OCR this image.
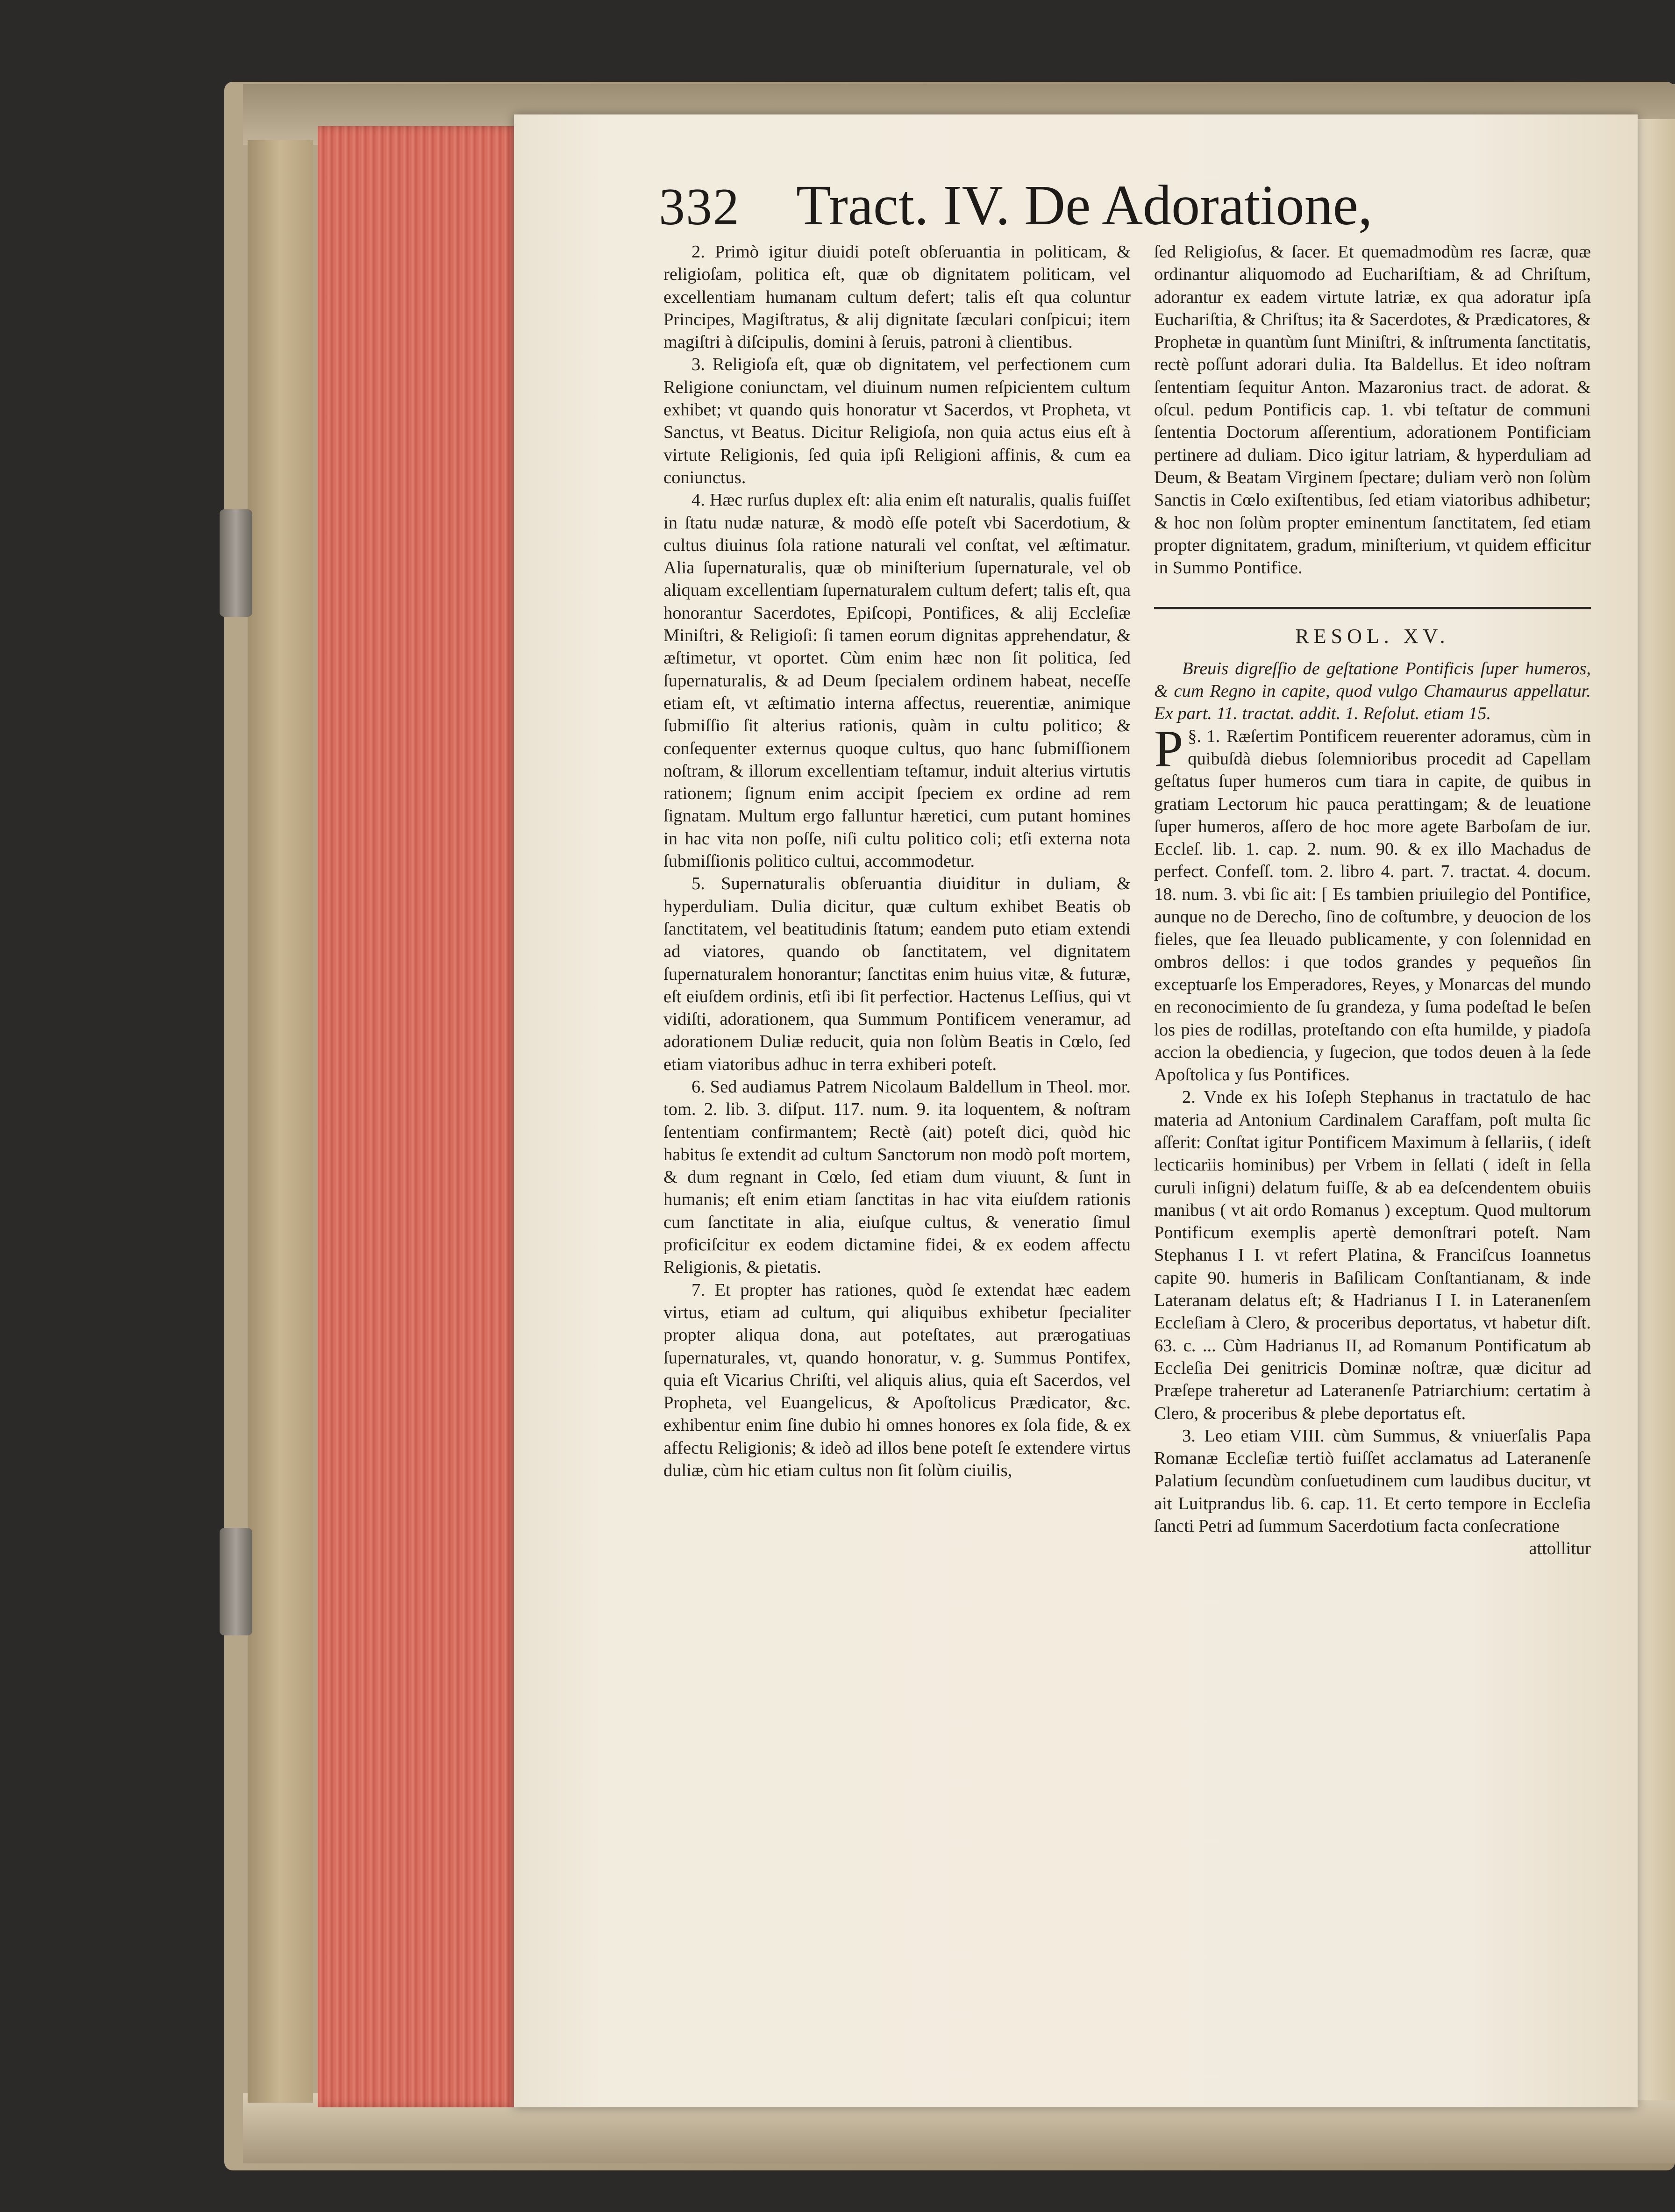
332 Tract. IV. De Adoratione,

2. Primò igitur diuidi poteſt obſeruantia in politicam, & religioſam, politica eſt, quæ ob dignitatem politicam, vel excellentiam humanam cultum defert; talis eſt qua coluntur Principes, Magiſtratus, & alij dignitate ſæculari conſpicui; item magiſtri à diſcipulis, domini à ſeruis, patroni à clientibus.

3. Religioſa eſt, quæ ob dignitatem, vel perfectionem cum Religione coniunctam, vel diuinum numen reſpicientem cultum exhibet; vt quando quis honoratur vt Sacerdos, vt Propheta, vt Sanctus, vt Beatus. Dicitur Religioſa, non quia actus eius eſt à virtute Religionis, ſed quia ipſi Religioni affinis, & cum ea coniunctus.

4. Hæc rurſus duplex eſt: alia enim eſt naturalis, qualis fuiſſet in ſtatu nudæ naturæ, & modò eſſe poteſt vbi Sacerdotium, & cultus diuinus ſola ratione naturali vel conſtat, vel æſtimatur. Alia ſupernaturalis, quæ ob miniſterium ſupernaturale, vel ob aliquam excellentiam ſupernaturalem cultum defert; talis eſt, qua honorantur Sacerdotes, Epiſcopi, Pontifices, & alij Eccleſiæ Miniſtri, & Religioſi: ſi tamen eorum dignitas apprehendatur, & æſtimetur, vt oportet. Cùm enim hæc non ſit politica, ſed ſupernaturalis, & ad Deum ſpecialem ordinem habeat, neceſſe etiam eſt, vt æſtimatio interna affectus, reuerentiæ, animique ſubmiſſio ſit alterius rationis, quàm in cultu politico; & conſequenter externus quoque cultus, quo hanc ſubmiſſionem noſtram, & illorum excellentiam teſtamur, induit alterius virtutis rationem; ſignum enim accipit ſpeciem ex ordine ad rem ſignatam. Multum ergo falluntur hæretici, cum putant homines in hac vita non poſſe, niſi cultu politico coli; etſi externa nota ſubmiſſionis politico cultui, accommodetur.

5. Supernaturalis obſeruantia diuiditur in duliam, & hyperduliam. Dulia dicitur, quæ cultum exhibet Beatis ob ſanctitatem, vel beatitudinis ſtatum; eandem puto etiam extendi ad viatores, quando ob ſanctitatem, vel dignitatem ſupernaturalem honorantur; ſanctitas enim huius vitæ, & futuræ, eſt eiuſdem ordinis, etſi ibi ſit perfectior. Hactenus Leſſius, qui vt vidiſti, adorationem, qua Summum Pontificem veneramur, ad adorationem Duliæ reducit, quia non ſolùm Beatis in Cœlo, ſed etiam viatoribus adhuc in terra exhiberi poteſt.

6. Sed audiamus Patrem Nicolaum Baldellum in Theol. mor. tom. 2. lib. 3. diſput. 117. num. 9. ita loquentem, & noſtram ſententiam confirmantem; Rectè (ait) poteſt dici, quòd hic habitus ſe extendit ad cultum Sanctorum non modò poſt mortem, & dum regnant in Cœlo, ſed etiam dum viuunt, & ſunt in humanis; eſt enim etiam ſanctitas in hac vita eiuſdem rationis cum ſanctitate in alia, eiuſque cultus, & veneratio ſimul proficiſcitur ex eodem dictamine fidei, & ex eodem affectu Religionis, & pietatis.

7. Et propter has rationes, quòd ſe extendat hæc eadem virtus, etiam ad cultum, qui aliquibus exhibetur ſpecialiter propter aliqua dona, aut poteſtates, aut prærogatiuas ſupernaturales, vt, quando honoratur, v. g. Summus Pontifex, quia eſt Vicarius Chriſti, vel aliquis alius, quia eſt Sacerdos, vel Propheta, vel Euangelicus, & Apoſtolicus Prædicator, &c. exhibentur enim ſine dubio hi omnes honores ex ſola fide, & ex affectu Religionis; & ideò ad illos bene poteſt ſe extendere virtus duliæ, cùm hic etiam cultus non ſit ſolùm ciuilis,

ſed Religioſus, & ſacer. Et quemadmodùm res ſacræ, quæ ordinantur aliquomodo ad Euchariſtiam, & ad Chriſtum, adorantur ex eadem virtute latriæ, ex qua adoratur ipſa Euchariſtia, & Chriſtus; ita & Sacerdotes, & Prædicatores, & Prophetæ in quantùm ſunt Miniſtri, & inſtrumenta ſanctitatis, rectè poſſunt adorari dulia. Ita Baldellus. Et ideo noſtram ſententiam ſequitur Anton. Mazaronius tract. de adorat. & oſcul. pedum Pontificis cap. 1. vbi teſtatur de communi ſententia Doctorum aſſerentium, adorationem Pontificiam pertinere ad duliam. Dico igitur latriam, & hyperduliam ad Deum, & Beatam Virginem ſpectare; duliam verò non ſolùm Sanctis in Cœlo exiſtentibus, ſed etiam viatoribus adhibetur; & hoc non ſolùm propter eminentum ſanctitatem, ſed etiam propter dignitatem, gradum, miniſterium, vt quidem efficitur in Summo Pontifice.

RESOL. XV.

Breuis digreſſio de geſtatione Pontificis ſuper humeros, & cum Regno in capite, quod vulgo Chamaurus appellatur. Ex part. 11. tractat. addit. 1. Reſolut. etiam 15.

§. 1.
P Ræſertim Pontificem reuerenter adoramus, cùm in quibuſdà diebus ſolemnioribus procedit ad Capellam geſtatus ſuper humeros cum tiara in capite, de quibus in gratiam Lectorum hic pauca perattingam; & de leuatione ſuper humeros, aſſero de hoc more agete Barboſam de iur. Eccleſ. lib. 1. cap. 2. num. 90. & ex illo Machadus de perfect. Confeſſ. tom. 2. libro 4. part. 7. tractat. 4. docum. 18. num. 3. vbi ſic ait: [ Es tambien priuilegio del Pontifice, aunque no de Derecho, ſino de coſtumbre, y deuocion de los fieles, que ſea lleuado publicamente, y con ſolennidad en ombros dellos: i que todos grandes y pequeños ſin exceptuarſe los Emperadores, Reyes, y Monarcas del mundo en reconocimiento de ſu grandeza, y ſuma podeſtad le beſen los pies de rodillas, proteſtando con eſta humilde, y piadoſa accion la obediencia, y ſugecion, que todos deuen à la ſede Apoſtolica y ſus Pontifices.

2. Vnde ex his Ioſeph Stephanus in tractatulo de hac materia ad Antonium Cardinalem Caraffam, poſt multa ſic aſſerit: Conſtat igitur Pontificem Maximum à ſellariis, ( ideſt lecticariis hominibus) per Vrbem in ſellati ( ideſt in ſella curuli inſigni) delatum fuiſſe, & ab ea deſcendentem obuiis manibus ( vt ait ordo Romanus ) exceptum. Quod multorum Pontificum exemplis apertè demonſtrari poteſt. Nam Stephanus I I. vt refert Platina, & Franciſcus Ioannetus capite 90. humeris in Baſilicam Conſtantianam, & inde Lateranam delatus eſt; & Hadrianus I I. in Lateranenſem Eccleſiam à Clero, & proceribus deportatus, vt habetur diſt. 63. c. ... Cùm Hadrianus II, ad Romanum Pontificatum ab Eccleſia Dei genitricis Dominæ noſtræ, quæ dicitur ad Præſepe traheretur ad Lateranenſe Patriarchium: certatim à Clero, & proceribus & plebe deportatus eſt.

3. Leo etiam VIII. cùm Summus, & vniuerſalis Papa Romanæ Eccleſiæ tertiò fuiſſet acclamatus ad Lateranenſe Palatium ſecundùm conſuetudinem cum laudibus ducitur, vt ait Luitprandus lib. 6. cap. 11. Et certo tempore in Eccleſia ſancti Petri ad ſummum Sacerdotium facta conſecratione

attollitur
